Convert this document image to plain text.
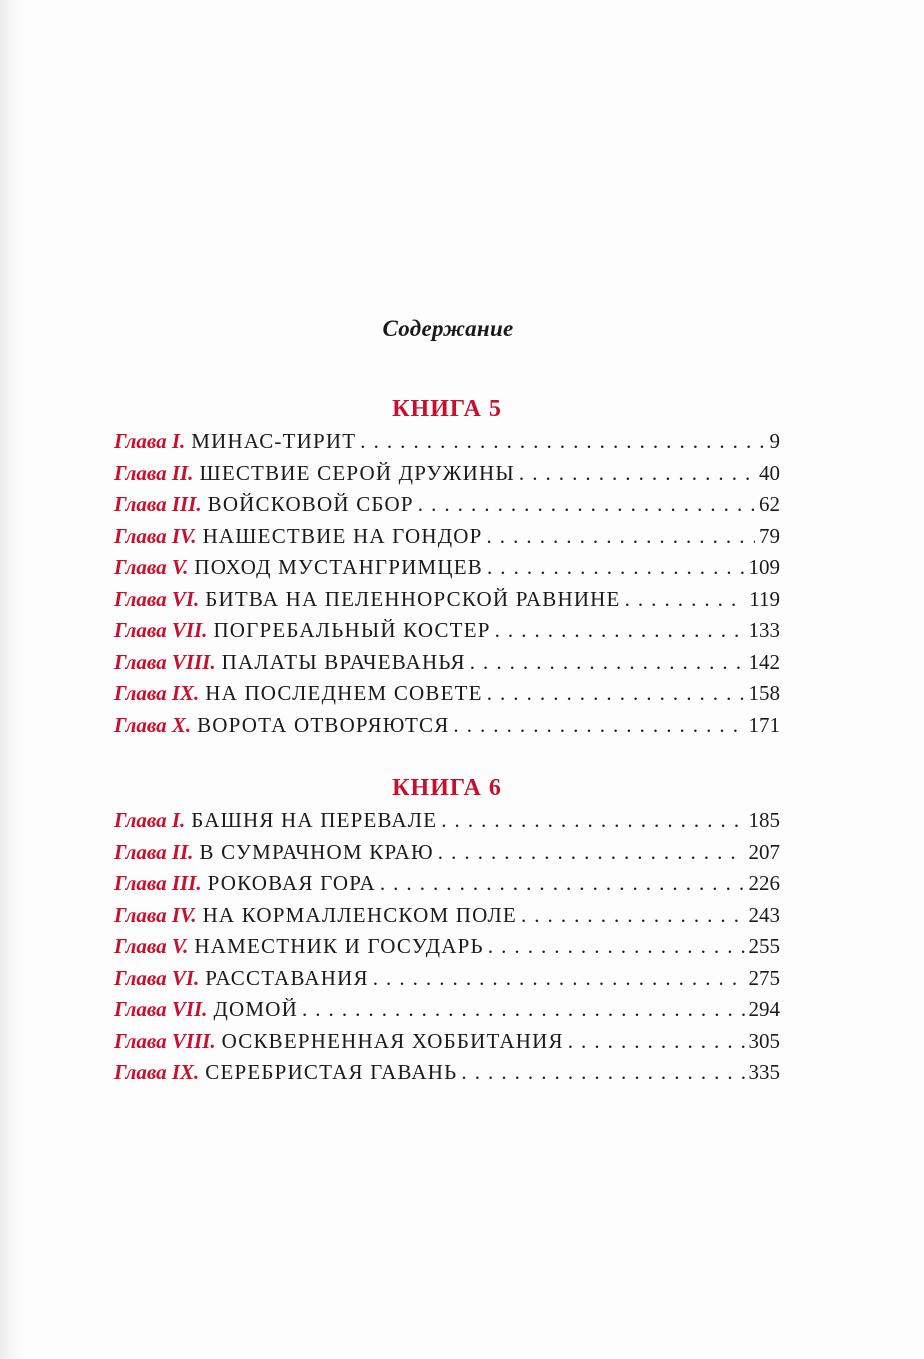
Содержание
КНИГА 5
Глава I. МИНАС-ТИРИТ . . .	9
Глава II. ШЕСТВИЕ СЕРОЙ ДРУЖИНЫ . . .	40
Глава III. ВОЙСКОВОЙ СБОР . . .	62
Глава IV. НАШЕСТВИЕ НА ГОНДОР . . .	79
Глава V. ПОХОД МУСТАНГРИМЦЕВ . . .	109
Глава VI. БИТВА НА ПЕЛЕННОРСКОЙ РАВНИНЕ . . .	119
Глава VII. ПОГРЕБАЛЬНЫЙ КОСТЕР . . .	133
Глава VIII. ПАЛАТЫ ВРАЧЕВАНЬЯ . . .	142
Глава IX. НА ПОСЛЕДНЕМ СОВЕТЕ . . .	158
Глава X. ВОРОТА ОТВОРЯЮТСЯ . . .	171
КНИГА 6
Глава I. БАШНЯ НА ПЕРЕВАЛЕ . . .	185
Глава II. В СУМРАЧНОМ КРАЮ . . .	207
Глава III. РОКОВАЯ ГОРА . . .	226
Глава IV. НА КОРМАЛЛЕНСКОМ ПОЛЕ . . .	243
Глава V. НАМЕСТНИК И ГОСУДАРЬ . . .	255
Глава VI. РАССТАВАНИЯ . . .	275
Глава VII. ДОМОЙ . . .	294
Глава VIII. ОСКВЕРНЕННАЯ ХОББИТАНИЯ . . .	305
Глава IX. СЕРЕБРИСТАЯ ГАВАНЬ . . .	335
